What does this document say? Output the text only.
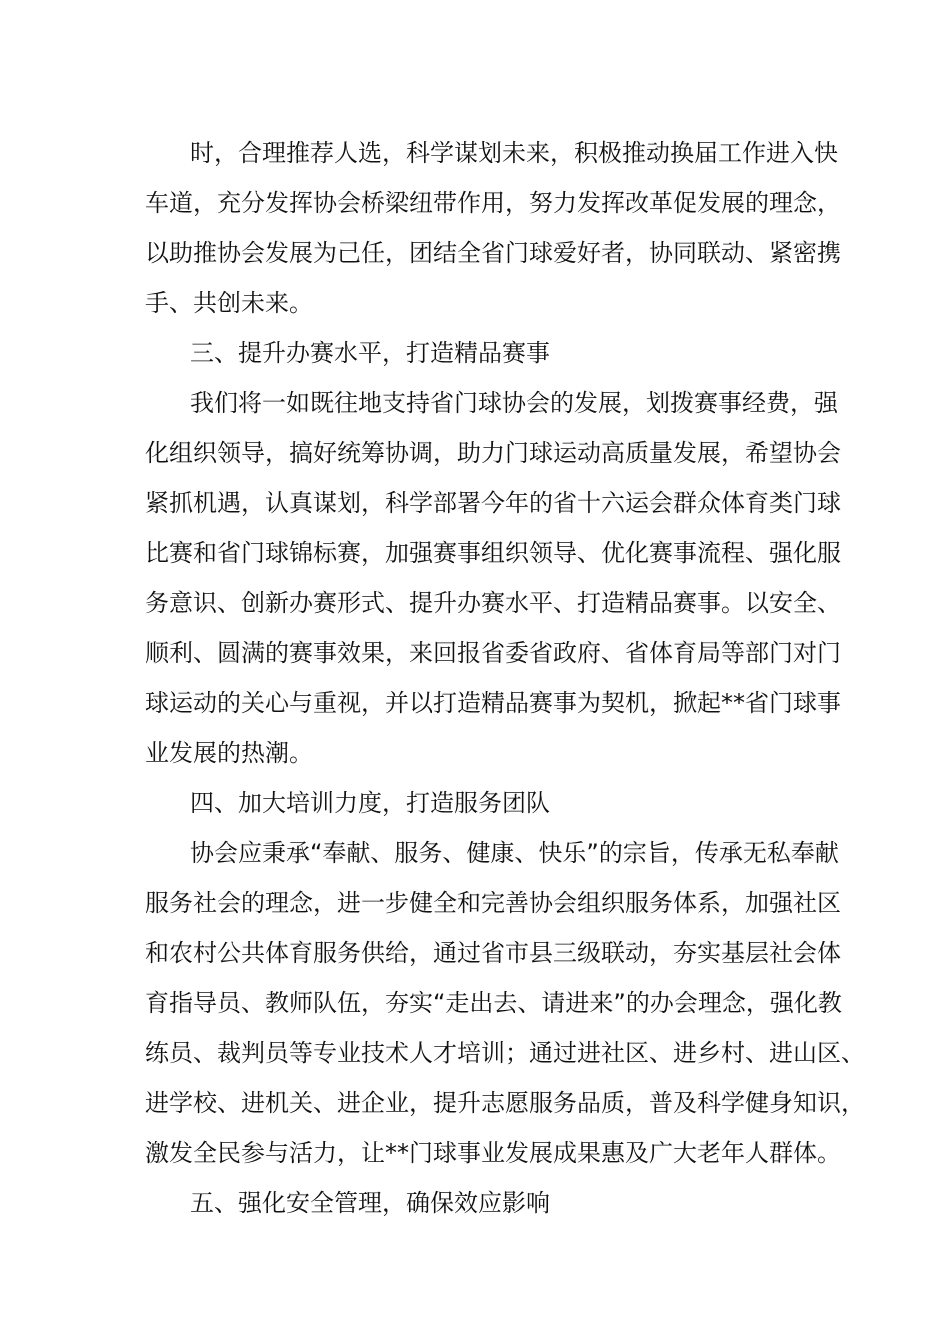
时，合理推荐人选，科学谋划未来，积极推动换届工作进入快
车道，充分发挥协会桥梁纽带作用，努力发挥改革促发展的理念，
以助推协会发展为己任，团结全省门球爱好者，协同联动、紧密携
手、共创未来。
三、提升办赛水平，打造精品赛事
我们将一如既往地支持省门球协会的发展，划拨赛事经费，强
化组织领导，搞好统筹协调，助力门球运动高质量发展，希望协会
紧抓机遇，认真谋划，科学部署今年的省十六运会群众体育类门球
比赛和省门球锦标赛，加强赛事组织领导、优化赛事流程、强化服
务意识、创新办赛形式、提升办赛水平、打造精品赛事。以安全、
顺利、圆满的赛事效果，来回报省委省政府、省体育局等部门对门
球运动的关心与重视，并以打造精品赛事为契机，掀起**省门球事
业发展的热潮。
四、加大培训力度，打造服务团队
协会应秉承“奉献、服务、健康、快乐”的宗旨，传承无私奉献
服务社会的理念，进一步健全和完善协会组织服务体系，加强社区
和农村公共体育服务供给，通过省市县三级联动，夯实基层社会体
育指导员、教师队伍，夯实“走出去、请进来”的办会理念，强化教
练员、裁判员等专业技术人才培训；通过进社区、进乡村、进山区、
进学校、进机关、进企业，提升志愿服务品质，普及科学健身知识，
激发全民参与活力，让**门球事业发展成果惠及广大老年人群体。
五、强化安全管理，确保效应影响
